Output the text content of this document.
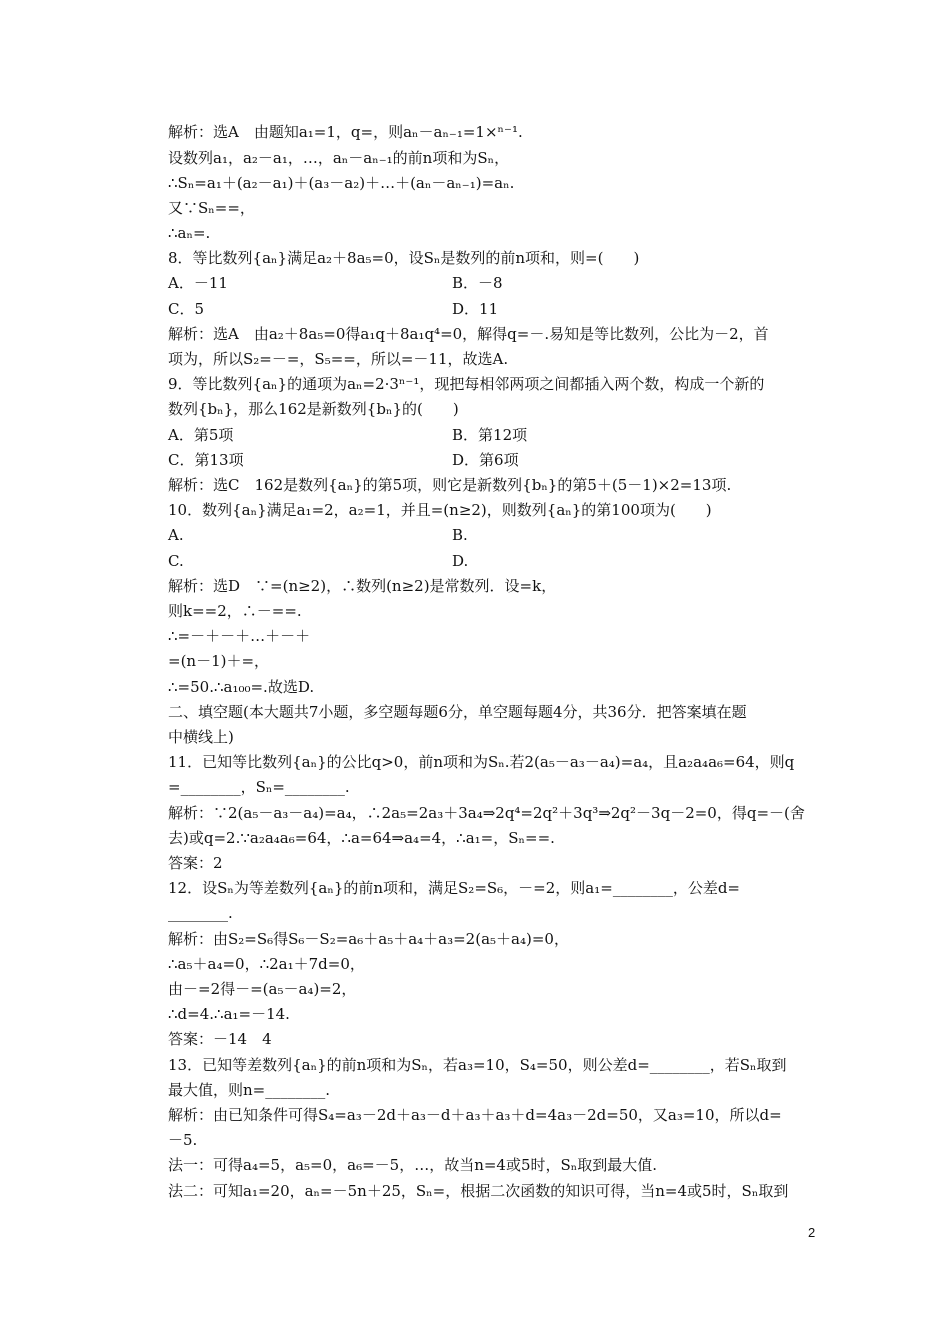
解析：选A　由题知a₁=1，q=，则aₙ－aₙ₋₁=1×ⁿ⁻¹.
设数列a₁，a₂－a₁，…，aₙ－aₙ₋₁的前n项和为Sₙ，
∴Sₙ=a₁＋(a₂－a₁)＋(a₃－a₂)＋…＋(aₙ－aₙ₋₁)=aₙ.
又∵Sₙ==，
∴aₙ=.
8．等比数列{aₙ}满足a₂＋8a₅=0，设Sₙ是数列的前n项和，则=(　　)
A．－11	B．－8
C．5	D．11
解析：选A　由a₂＋8a₅=0得a₁q＋8a₁q⁴=0，解得q=－.易知是等比数列，公比为－2，首
项为，所以S₂=－=，S₅==，所以=－11，故选A.
9．等比数列{aₙ}的通项为aₙ=2·3ⁿ⁻¹，现把每相邻两项之间都插入两个数，构成一个新的
数列{bₙ}，那么162是新数列{bₙ}的(　　)
A．第5项	B．第12项
C．第13项	D．第6项
解析：选C　162是数列{aₙ}的第5项，则它是新数列{bₙ}的第5＋(5－1)×2=13项.
10．数列{aₙ}满足a₁=2，a₂=1，并且=(n≥2)，则数列{aₙ}的第100项为(　　)
A.	B.
C.	D.
解析：选D　∵=(n≥2)，∴数列(n≥2)是常数列．设=k，
则k==2，∴－==.
∴=－＋－＋…＋－＋
=(n－1)＋=，
∴=50.∴a₁₀₀=.故选D.
二、填空题(本大题共7小题，多空题每题6分，单空题每题4分，共36分．把答案填在题
中横线上)
11．已知等比数列{aₙ}的公比q>0，前n项和为Sₙ.若2(a₅－a₃－a₄)=a₄，且a₂a₄a₆=64，则q
=________，Sₙ=________.
解析：∵2(a₅－a₃－a₄)=a₄，∴2a₅=2a₃＋3a₄⇒2q⁴=2q²＋3q³⇒2q²－3q－2=0，得q=－(舍
去)或q=2.∵a₂a₄a₆=64，∴a=64⇒a₄=4，∴a₁=，Sₙ==.
答案：2
12．设Sₙ为等差数列{aₙ}的前n项和，满足S₂=S₆，－=2，则a₁=________，公差d=
________.
解析：由S₂=S₆得S₆－S₂=a₆＋a₅＋a₄＋a₃=2(a₅＋a₄)=0，
∴a₅＋a₄=0，∴2a₁＋7d=0，
由－=2得－=(a₅－a₄)=2，
∴d=4.∴a₁=－14.
答案：－14　4
13．已知等差数列{aₙ}的前n项和为Sₙ，若a₃=10，S₄=50，则公差d=________，若Sₙ取到
最大值，则n=________.
解析：由已知条件可得S₄=a₃－2d＋a₃－d＋a₃＋a₃＋d=4a₃－2d=50，又a₃=10，所以d=
－5.
法一：可得a₄=5，a₅=0，a₆=－5，…，故当n=4或5时，Sₙ取到最大值.
法二：可知a₁=20，aₙ=－5n＋25，Sₙ=，根据二次函数的知识可得，当n=4或5时，Sₙ取到
2
